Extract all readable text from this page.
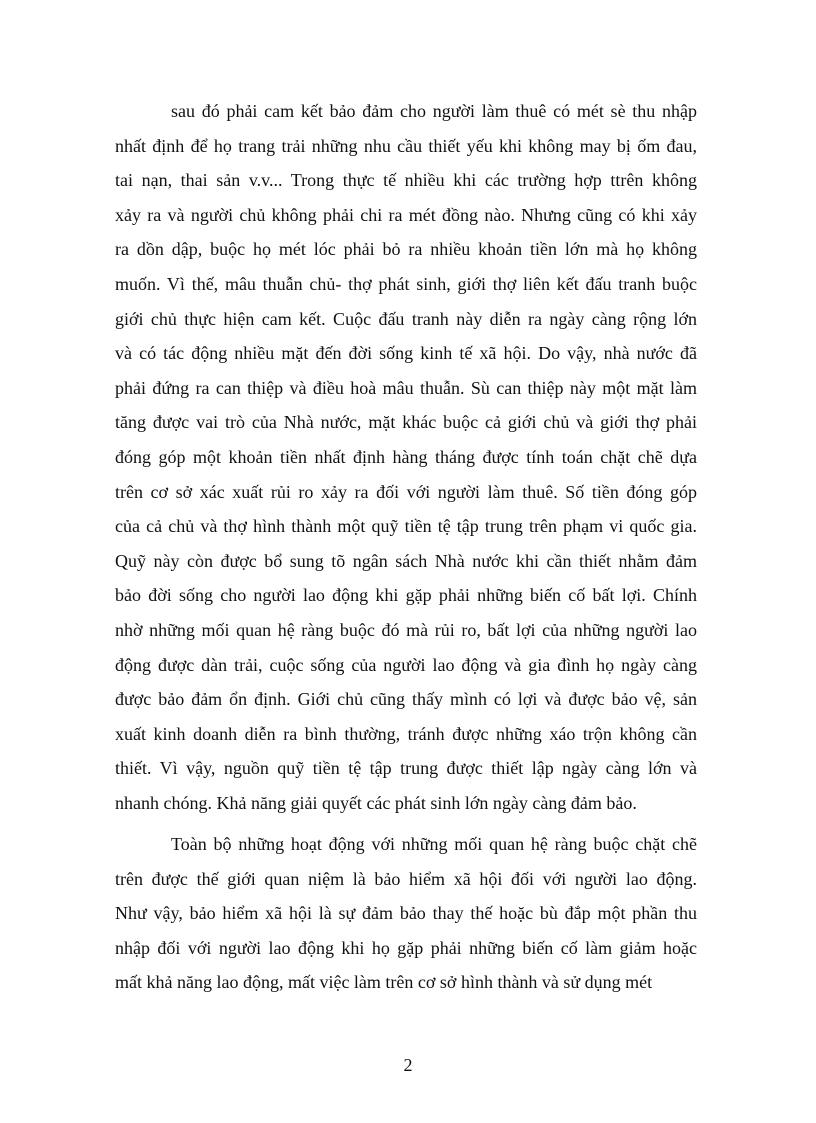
sau đó phải cam kết bảo đảm cho người làm thuê có mét sè thu nhập
nhất định để họ trang trải những nhu cầu thiết yếu khi không may bị ốm đau,
tai nạn, thai sản v.v... Trong thực tế nhiều khi các trường hợp ttrên không
xảy ra và người chủ không phải chi ra mét đồng nào. Nhưng cũng có khi xảy
ra dồn dập, buộc họ mét lóc phải bỏ ra nhiều khoản tiền lớn mà họ không
muốn. Vì thế, mâu thuẫn chủ- thợ phát sinh, giới thợ liên kết đấu tranh buộc
giới chủ thực hiện cam kết. Cuộc đấu tranh này diễn ra ngày càng rộng lớn
và có tác động nhiều mặt đến đời sống kinh tế xã hội. Do vậy, nhà nước đã
phải đứng ra can thiệp và điều hoà mâu thuẫn. Sù can thiệp này một mặt làm
tăng được vai trò của Nhà nước, mặt khác buộc cả giới chủ và giới thợ phải
đóng góp một khoản tiền nhất định hàng tháng được tính toán chặt chẽ dựa
trên cơ sở xác xuất rủi ro xảy ra đối với người làm thuê. Số tiền đóng góp
của cả chủ và thợ hình thành một quỹ tiền tệ tập trung trên phạm vi quốc gia.
Quỹ này còn được bổ sung tõ ngân sách Nhà nước khi cần thiết nhằm đảm
bảo đời sống cho người lao động khi gặp phải những biến cố bất lợi. Chính
nhờ những mối quan hệ ràng buộc đó mà rủi ro, bất lợi của những người lao
động được dàn trải, cuộc sống của người lao động và gia đình họ ngày càng
được bảo đảm ổn định. Giới chủ cũng thấy mình có lợi và được bảo vệ, sản
xuất kinh doanh diễn ra bình thường, tránh được những xáo trộn không cần
thiết. Vì vậy, nguồn quỹ tiền tệ tập trung được thiết lập ngày càng lớn và
nhanh chóng. Khả năng giải quyết các phát sinh lớn ngày càng đảm bảo.
Toàn bộ những hoạt động với những mối quan hệ ràng buộc chặt chẽ
trên được thế giới quan niệm là bảo hiểm xã hội đối với người lao động.
Như vậy, bảo hiểm xã hội là sự đảm bảo thay thế hoặc bù đắp một phần thu
nhập đối với người lao động khi họ gặp phải những biến cố làm giảm hoặc
mất khả năng lao động, mất việc làm trên cơ sở hình thành và sử dụng mét
2
